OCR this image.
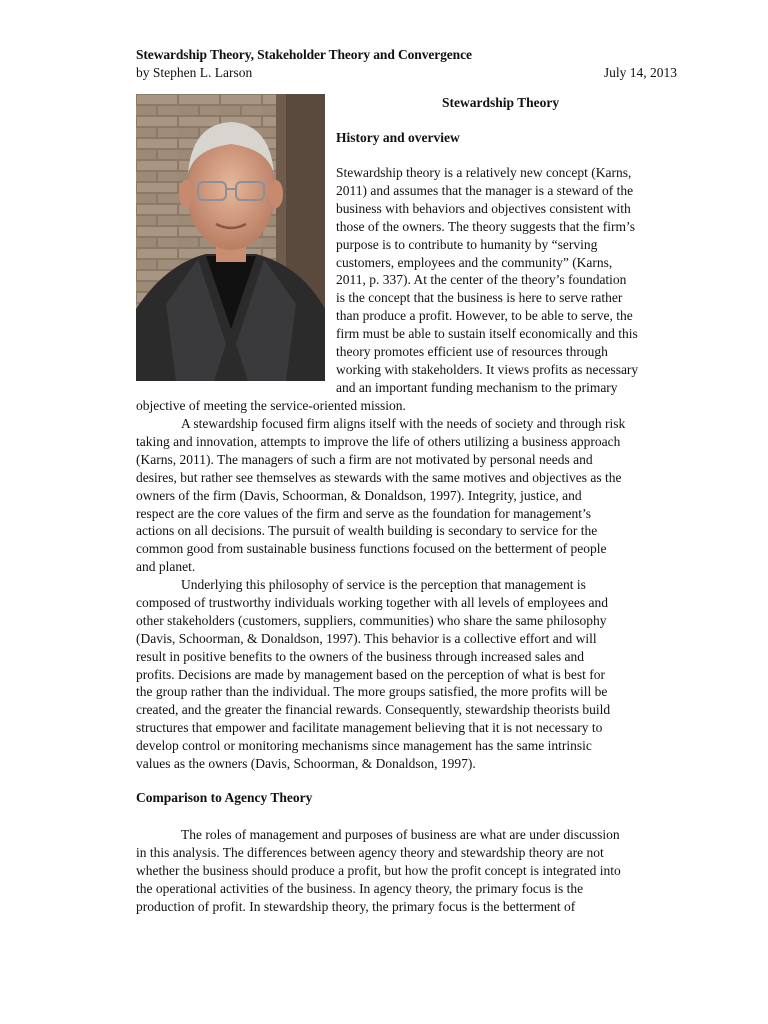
Stewardship Theory, Stakeholder Theory and Convergence
by Stephen L. Larson	July 14, 2013
Stewardship Theory
History and overview
Stewardship theory is a relatively new concept (Karns,
2011) and assumes that the manager is a steward of the
business with behaviors and objectives consistent with
those of the owners. The theory suggests that the firm’s
purpose is to contribute to humanity by “serving
customers, employees and the community” (Karns,
2011, p. 337). At the center of the theory’s foundation
is the concept that the business is here to serve rather
than produce a profit. However, to be able to serve, the
firm must be able to sustain itself economically and this
theory promotes efficient use of resources through
working with stakeholders. It views profits as necessary
and an important funding mechanism to the primary
objective of meeting the service-oriented mission.
A stewardship focused firm aligns itself with the needs of society and through risk
taking and innovation, attempts to improve the life of others utilizing a business approach
(Karns, 2011). The managers of such a firm are not motivated by personal needs and
desires, but rather see themselves as stewards with the same motives and objectives as the
owners of the firm (Davis, Schoorman, & Donaldson, 1997). Integrity, justice, and
respect are the core values of the firm and serve as the foundation for management’s
actions on all decisions. The pursuit of wealth building is secondary to service for the
common good from sustainable business functions focused on the betterment of people
and planet.
Underlying this philosophy of service is the perception that management is
composed of trustworthy individuals working together with all levels of employees and
other stakeholders (customers, suppliers, communities) who share the same philosophy
(Davis, Schoorman, & Donaldson, 1997). This behavior is a collective effort and will
result in positive benefits to the owners of the business through increased sales and
profits. Decisions are made by management based on the perception of what is best for
the group rather than the individual. The more groups satisfied, the more profits will be
created, and the greater the financial rewards. Consequently, stewardship theorists build
structures that empower and facilitate management believing that it is not necessary to
develop control or monitoring mechanisms since management has the same intrinsic
values as the owners (Davis, Schoorman, & Donaldson, 1997).
Comparison to Agency Theory
The roles of management and purposes of business are what are under discussion
in this analysis. The differences between agency theory and stewardship theory are not
whether the business should produce a profit, but how the profit concept is integrated into
the operational activities of the business. In agency theory, the primary focus is the
production of profit. In stewardship theory, the primary focus is the betterment of
